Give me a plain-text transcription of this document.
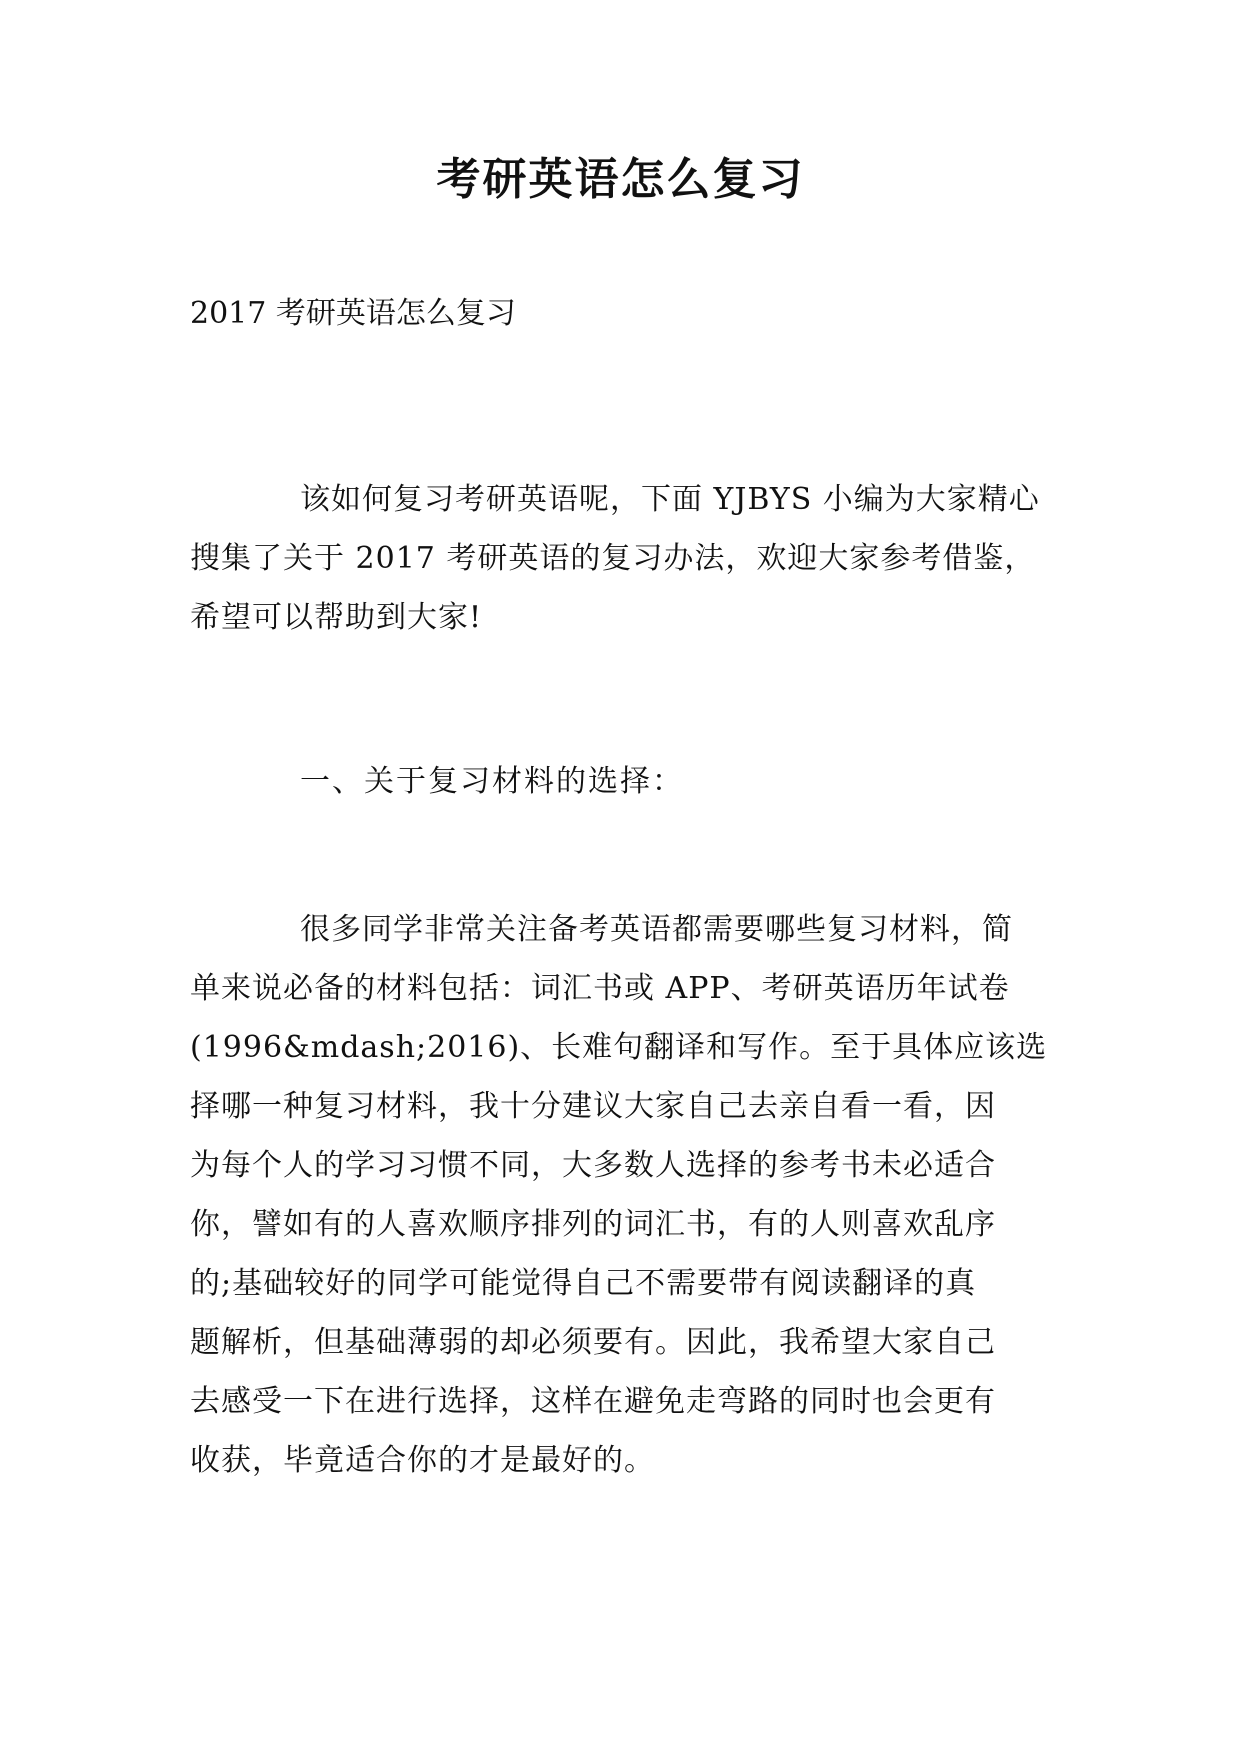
考研英语怎么复习

2017 考研英语怎么复习

该如何复习考研英语呢，下面 YJBYS 小编为大家精心
搜集了关于 2017 考研英语的复习办法，欢迎大家参考借鉴，
希望可以帮助到大家!

一、关于复习材料的选择：

很多同学非常关注备考英语都需要哪些复习材料，简
单来说必备的材料包括：词汇书或 APP、考研英语历年试卷
(1996&mdash;2016)、长难句翻译和写作。至于具体应该选
择哪一种复习材料，我十分建议大家自己去亲自看一看，因
为每个人的学习习惯不同，大多数人选择的参考书未必适合
你，譬如有的人喜欢顺序排列的词汇书，有的人则喜欢乱序
的;基础较好的同学可能觉得自己不需要带有阅读翻译的真
题解析，但基础薄弱的却必须要有。因此，我希望大家自己
去感受一下在进行选择，这样在避免走弯路的同时也会更有
收获，毕竟适合你的才是最好的。
